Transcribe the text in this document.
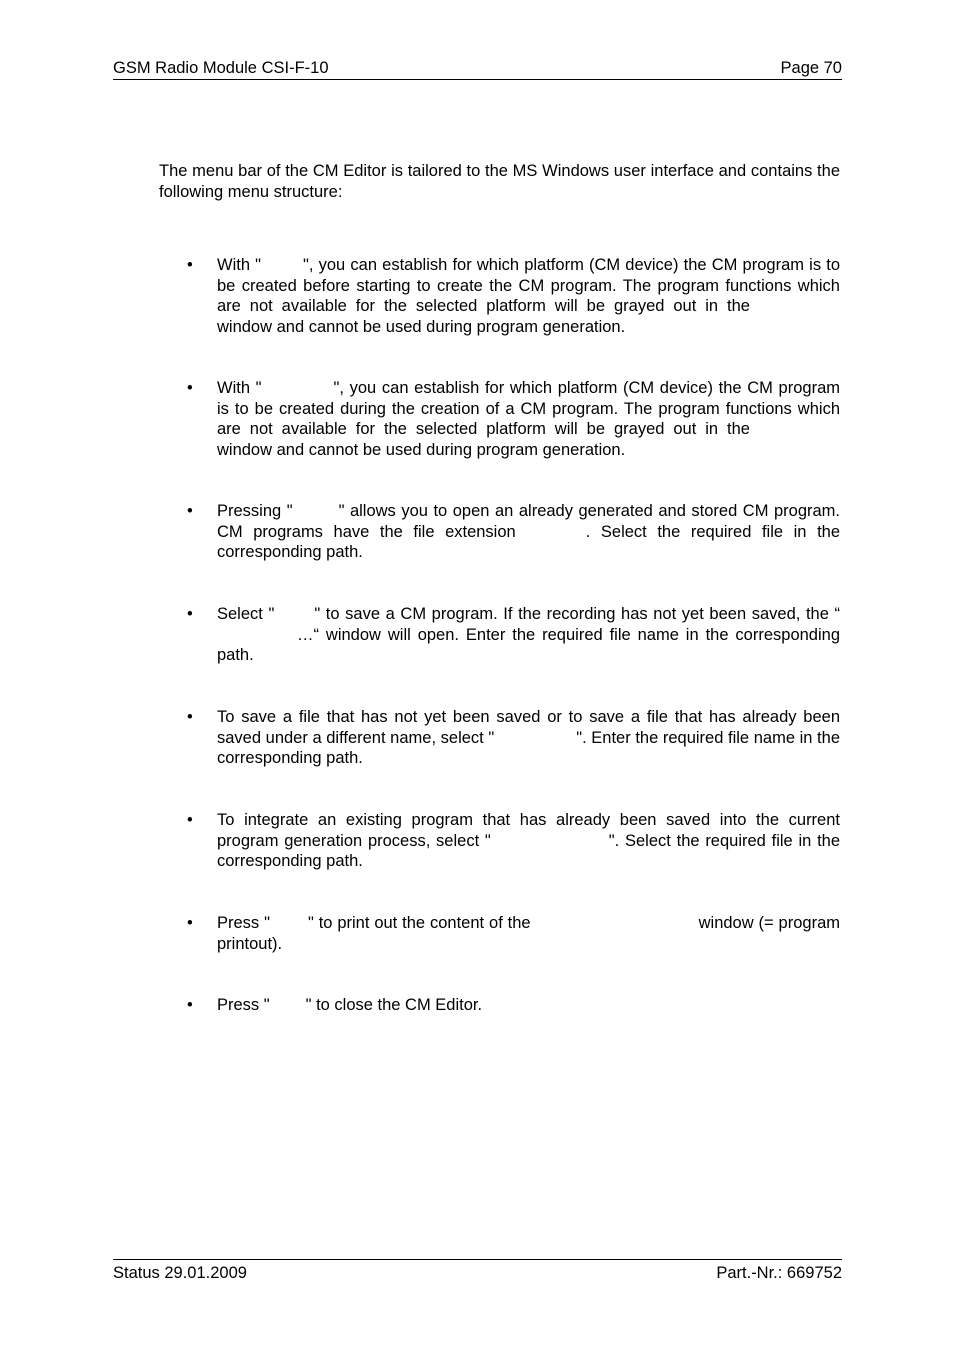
GSM Radio Module CSI-F-10	Page 70

The menu bar of the CM Editor is tailored to the MS Windows user interface and contains the following menu structure:

•	With "	", you can establish for which platform (CM device) the CM program is to be created before starting to create the CM program. The program functions which are not available for the selected platform will be grayed out in thewindow and cannot be used during program generation.
•	With "	", you can establish for which platform (CM device) the CM program is to be created during the creation of a CM program. The program functions which are not available for the selected platform will be grayed out in thewindow and cannot be used during program generation.
•	Pressing "	" allows you to open an already generated and stored CM program. CM programs have the file extension	. Select the required file in the corresponding path.
•	Select " " to save a CM program. If the recording has not yet been saved, the “…“ window will open. Enter the required file name in the corresponding path.
•	To save a file that has not yet been saved or to save a file that has already been saved under a different name, select "	". Enter the required file name in the corresponding path.
•	To integrate an existing program that has already been saved into the current program generation process, select "	". Select the required file in the corresponding path.
•	Press " " to print out the content of the	window (= program printout).
•	Press " " to close the CM Editor.
Status 29.01.2009	Part.-Nr.: 669752
